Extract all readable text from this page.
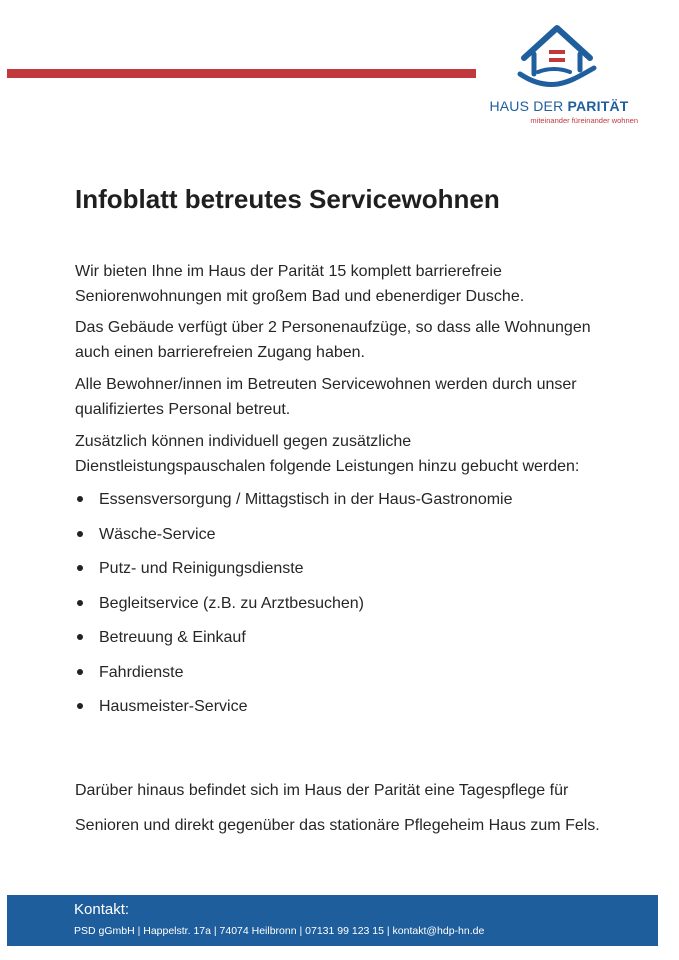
HAUS DER PARITÄT
miteinander füreinander wohnen
Infoblatt betreutes Servicewohnen

Wir bieten Ihne im Haus der Parität 15 komplett barrierefreie
Seniorenwohnungen mit großem Bad und ebenerdiger Dusche.

Das Gebäude verfügt über 2 Personenaufzüge, so dass alle Wohnungen
auch einen barrierefreien Zugang haben.

Alle Bewohner/innen im Betreuten Servicewohnen werden durch unser
qualifiziertes Personal betreut.

Zusätzlich können individuell gegen zusätzliche
Dienstleistungspauschalen folgende Leistungen hinzu gebucht werden:

Essensversorgung / Mittagstisch in der Haus-Gastronomie
Wäsche-Service
Putz- und Reinigungsdienste
Begleitservice (z.B. zu Arztbesuchen)
Betreuung & Einkauf
Fahrdienste
Hausmeister-Service

Darüber hinaus befindet sich im Haus der Parität eine Tagespflege für

Senioren und direkt gegenüber das stationäre Pflegeheim Haus zum Fels.

Kontakt:
PSD gGmbH | Happelstr. 17a | 74074 Heilbronn | 07131 99 123 15 | kontakt@hdp-hn.de
